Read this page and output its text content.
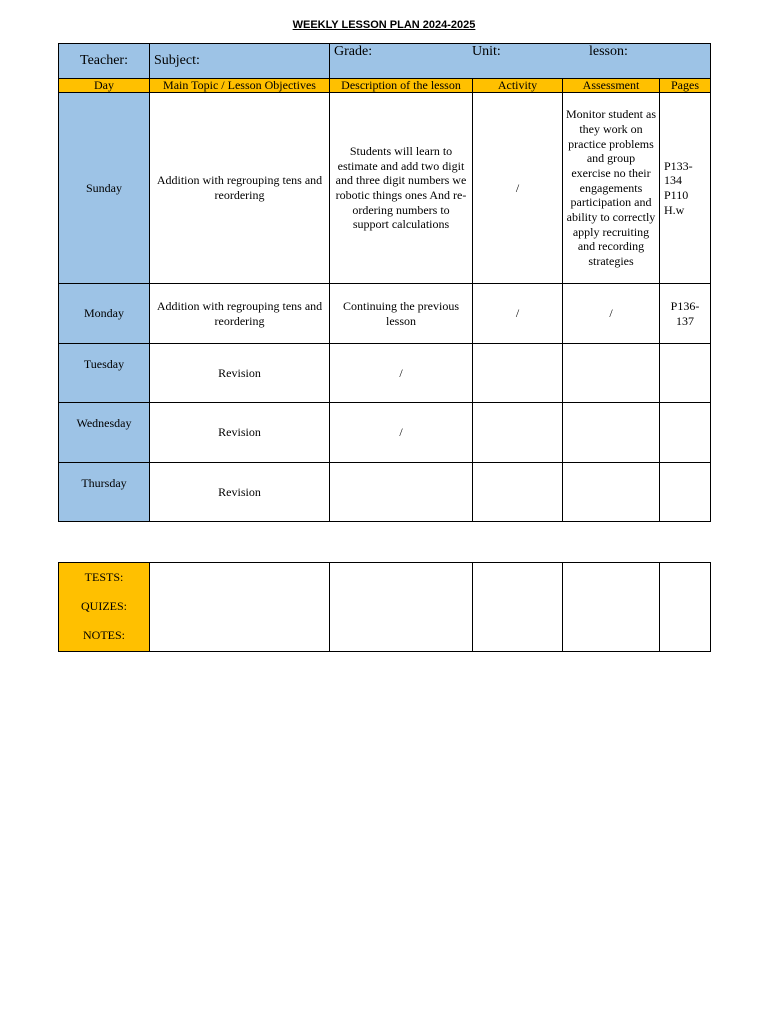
WEEKLY LESSON PLAN 2024-2025
Teacher:	Subject:	Grade: Unit: lesson:			

Day	Main Topic / Lesson Objectives	Description of the lesson	Activity	Assessment	Pages
Sunday	Addition with regrouping tens and reordering	Students will learn to estimate and add two digit and three digit numbers we robotic things ones And re-ordering numbers to support calculations	/	Monitor student as they work on practice problems and group exercise no their engagements participation and ability to correctly apply recruiting and recording strategies	P133-134 P110 H.w
Monday	Addition with regrouping tens and reordering	Continuing the previous lesson	/	/	P136-137
Tuesday	Revision	/			
Wednesday	Revision	/			
Thursday	Revision				
TESTS:
QUIZES:
NOTES:
